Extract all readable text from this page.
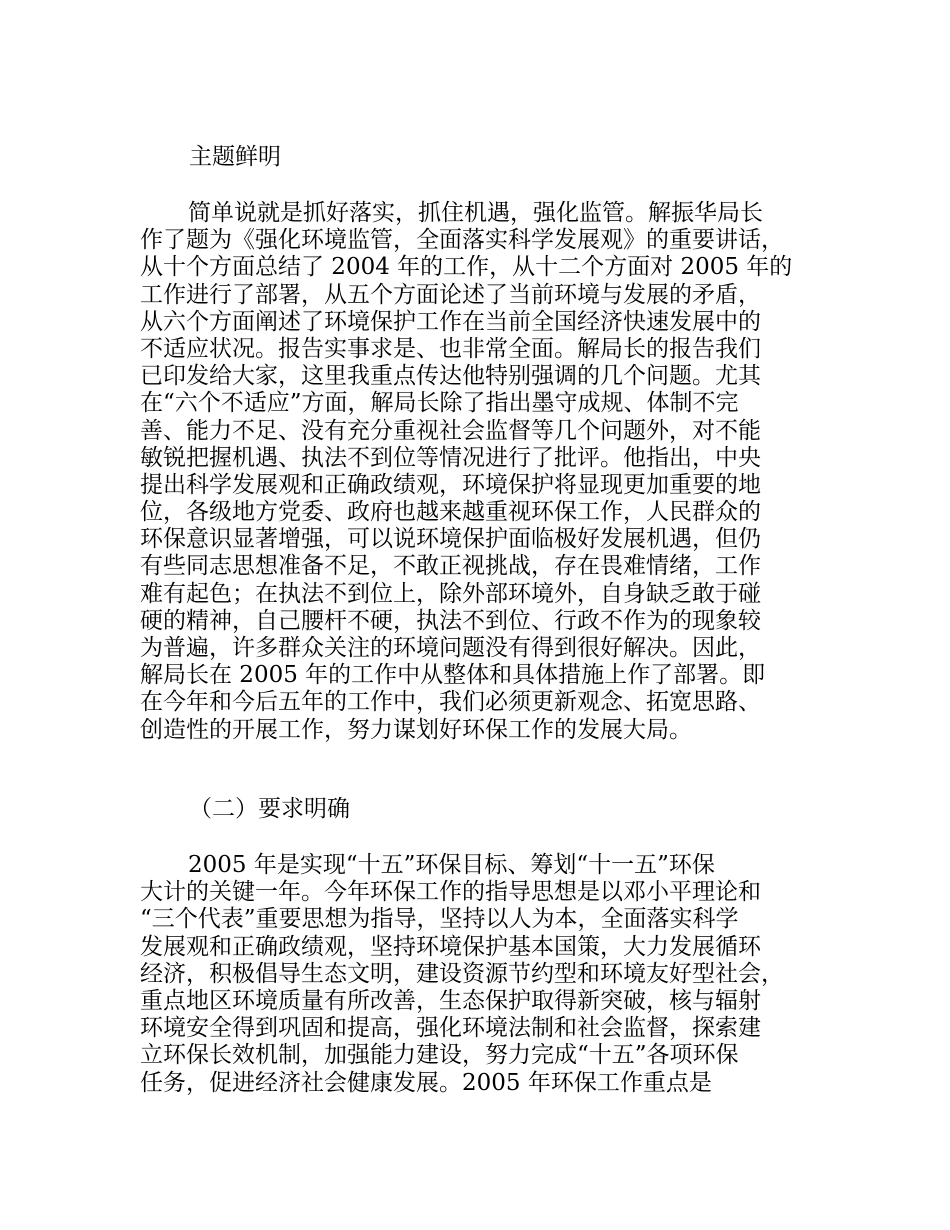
主题鲜明
简单说就是抓好落实，抓住机遇，强化监管。解振华局长
作了题为《强化环境监管，全面落实科学发展观》的重要讲话，
从十个方面总结了 2004 年的工作，从十二个方面对 2005 年的
工作进行了部署，从五个方面论述了当前环境与发展的矛盾，
从六个方面阐述了环境保护工作在当前全国经济快速发展中的
不适应状况。报告实事求是、也非常全面。解局长的报告我们
已印发给大家，这里我重点传达他特别强调的几个问题。尤其
在“六个不适应”方面，解局长除了指出墨守成规、体制不完
善、能力不足、没有充分重视社会监督等几个问题外，对不能
敏锐把握机遇、执法不到位等情况进行了批评。他指出，中央
提出科学发展观和正确政绩观，环境保护将显现更加重要的地
位，各级地方党委、政府也越来越重视环保工作，人民群众的
环保意识显著增强，可以说环境保护面临极好发展机遇，但仍
有些同志思想准备不足，不敢正视挑战，存在畏难情绪，工作
难有起色；在执法不到位上，除外部环境外，自身缺乏敢于碰
硬的精神，自己腰杆不硬，执法不到位、行政不作为的现象较
为普遍，许多群众关注的环境问题没有得到很好解决。因此，
解局长在 2005 年的工作中从整体和具体措施上作了部署。即
在今年和今后五年的工作中，我们必须更新观念、拓宽思路、
创造性的开展工作，努力谋划好环保工作的发展大局。
（二）要求明确
2005 年是实现“十五”环保目标、筹划“十一五”环保
大计的关键一年。今年环保工作的指导思想是以邓小平理论和
“三个代表”重要思想为指导，坚持以人为本，全面落实科学
发展观和正确政绩观，坚持环境保护基本国策，大力发展循环
经济，积极倡导生态文明，建设资源节约型和环境友好型社会，
重点地区环境质量有所改善，生态保护取得新突破，核与辐射
环境安全得到巩固和提高，强化环境法制和社会监督，探索建
立环保长效机制，加强能力建设，努力完成“十五”各项环保
任务，促进经济社会健康发展。2005 年环保工作重点是
